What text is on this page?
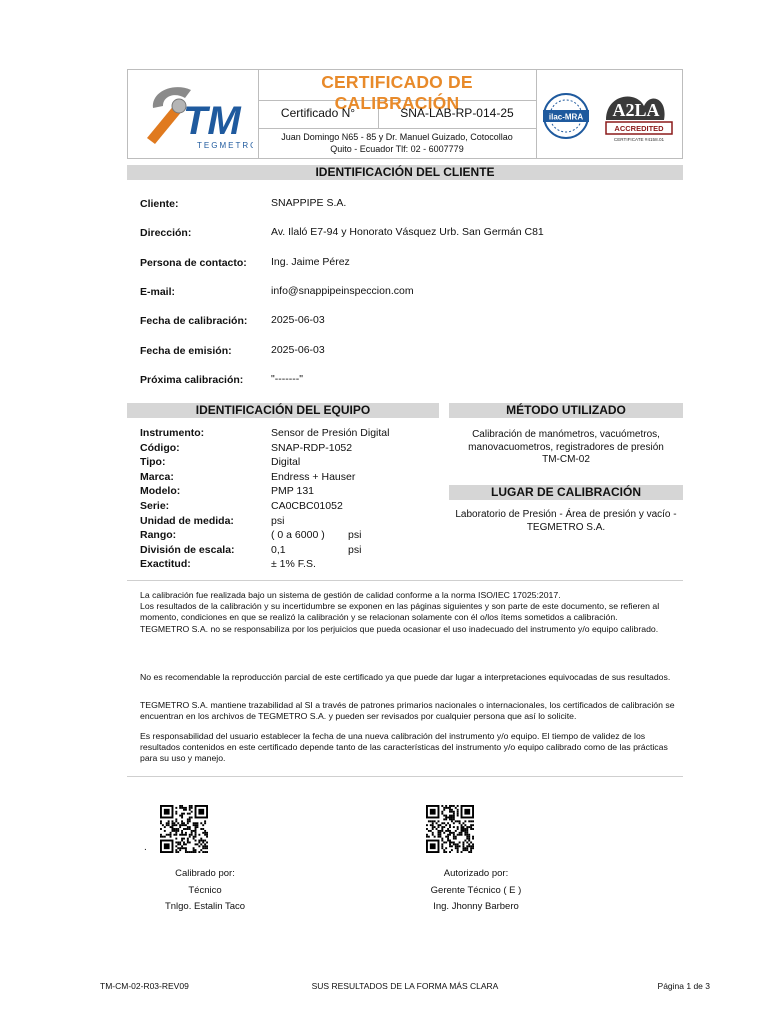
TM
TEGMETRO
CERTIFICADO DE CALIBRACIÓN
Certificado N°	SNA-LAB-RP-014-25
Juan Domingo N65 - 85 y Dr. Manuel Guizado, Cotocollao
Quito - Ecuador Tlf: 02 - 6007779
ilac-MRA A2LA
ACCREDITED
CERTIFICATE #4158.01
IDENTIFICACIÓN DEL CLIENTE
Cliente:	SNAPPIPE S.A.
Dirección:	Av. Ilaló E7-94 y Honorato Vásquez Urb. San Germán C81
Persona de contacto: Ing. Jaime Pérez
E-mail:	info@snappipeinspeccion.com
Fecha de calibración: 2025-06-03
Fecha de emisión:	2025-06-03
Próxima calibración:	"-------"
IDENTIFICACIÓN DEL EQUIPO
Instrumento:	Sensor de Presión Digital
Código:	SNAP-RDP-1052
Tipo:	Digital
Marca:	Endress + Hauser
Modelo:	PMP 131
Serie:	CA0CBC01052
Unidad de medida:	psi
Rango:	( 0 a 6000 ) psi
División de escala:	0,1	psi
Exactitud:	± 1% F.S.
MÉTODO UTILIZADO
Calibración de manómetros, vacuómetros,
manovacuometros, registradores de presión
TM-CM-02
LUGAR DE CALIBRACIÓN
Laboratorio de Presión - Área de presión y vacío -
TEGMETRO S.A.
La calibración fue realizada bajo un sistema de gestión de calidad conforme a la norma ISO/IEC 17025:2017.
Los resultados de la calibración y su incertidumbre se exponen en las páginas siguientes y son parte de este documento, se refieren al momento, condiciones en que se realizó la calibración y se relacionan solamente con él o/los ítems sometidos a calibración.
TEGMETRO S.A. no se responsabiliza por los perjuicios que pueda ocasionar el uso inadecuado del instrumento y/o equipo calibrado.
No es recomendable la reproducción parcial de este certificado ya que puede dar lugar a interpretaciones equivocadas de sus resultados.
TEGMETRO S.A. mantiene trazabilidad al SI a través de patrones primarios nacionales o internacionales, los certificados de calibración se encuentran en los archivos de TEGMETRO S.A. y pueden ser revisados por cualquier persona que así lo solicite.
Es responsabilidad del usuario establecer la fecha de una nueva calibración del instrumento y/o equipo. El tiempo de validez de los resultados contenidos en este certificado depende tanto de las características del instrumento y/o equipo calibrado como de las prácticas para su uso y manejo.
.
Calibrado por:
Técnico
Tnlgo. Estalin Taco
Autorizado por:
Gerente Técnico ( E )
Ing. Jhonny Barbero
TM-CM-02-R03-REV09	SUS RESULTADOS DE LA FORMA MÁS CLARA	Página 1 de 3
